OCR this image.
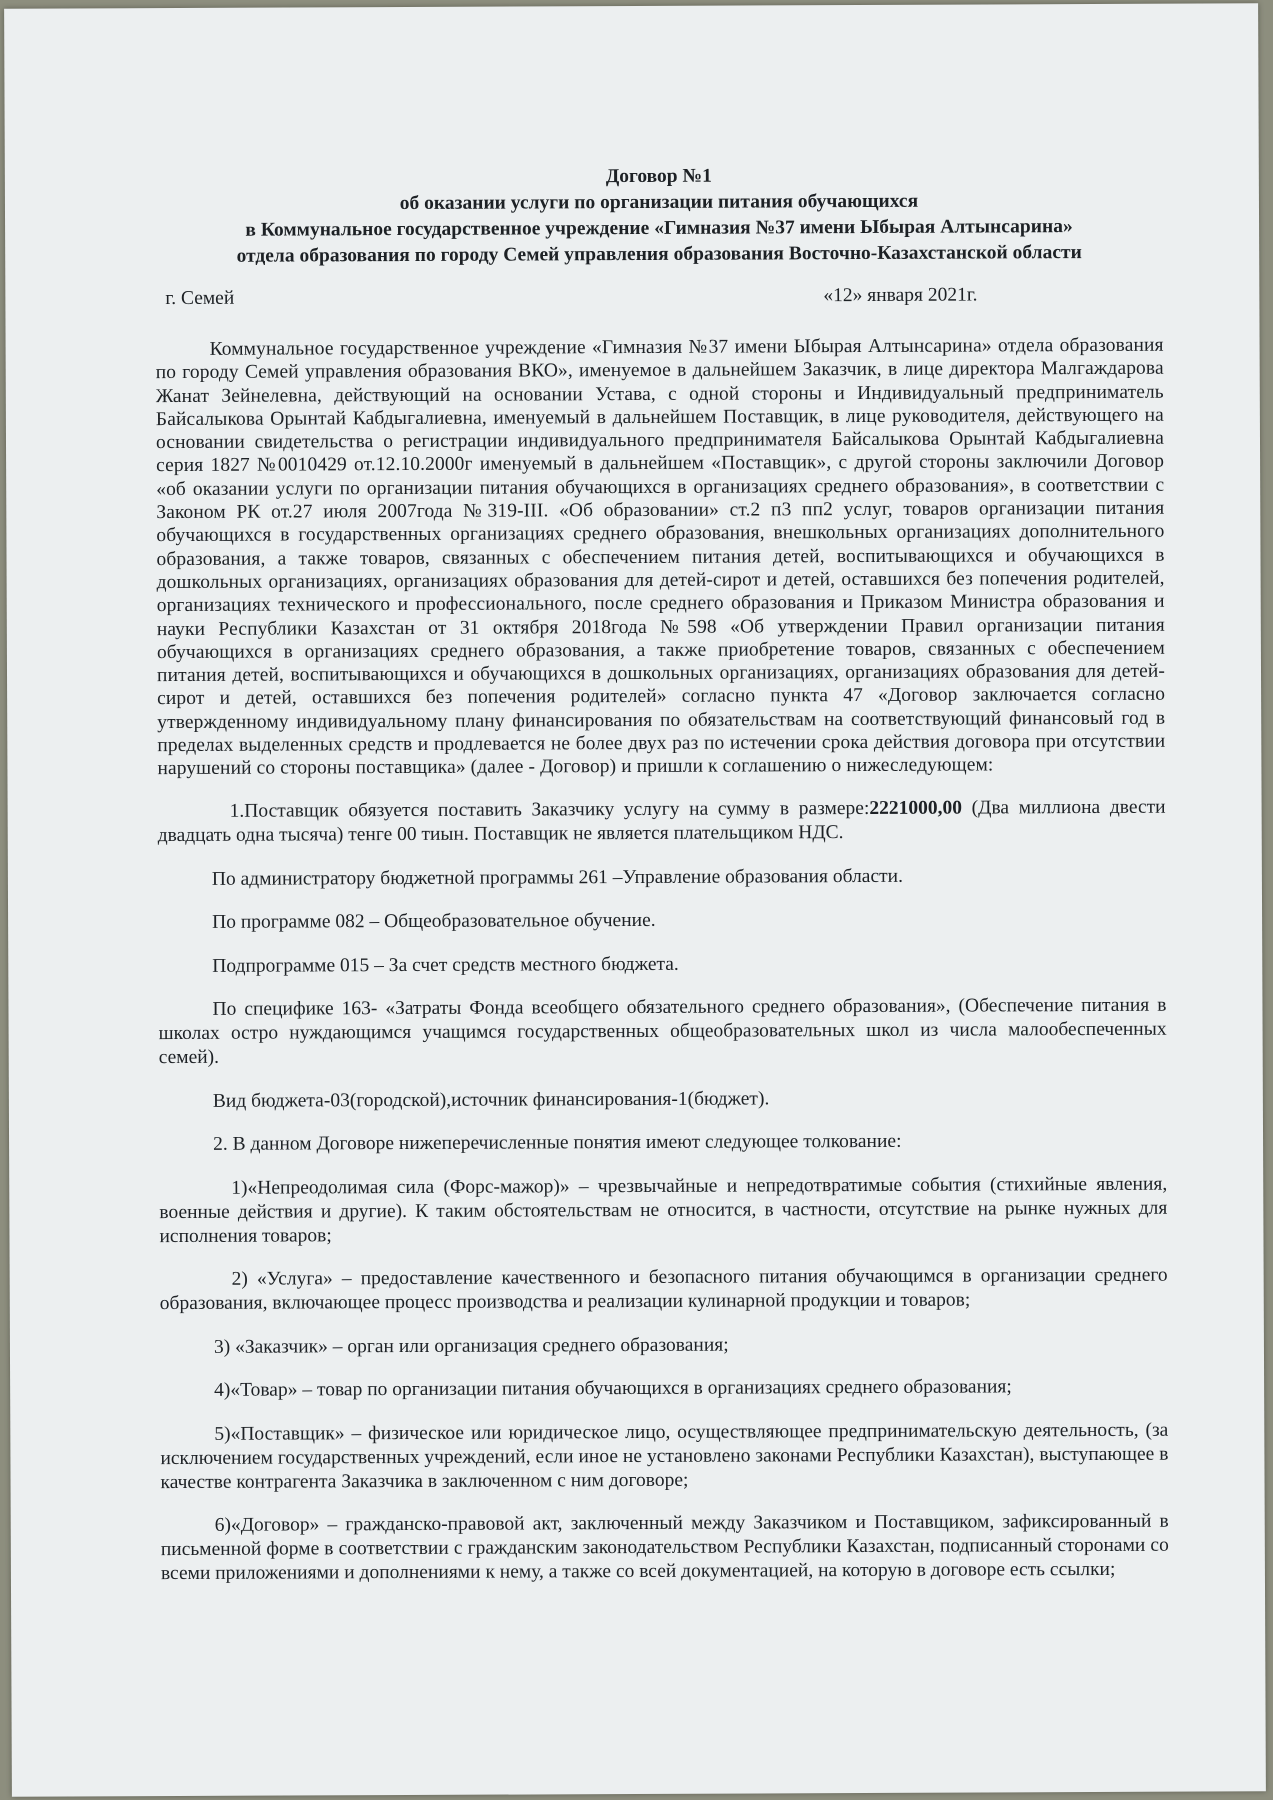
Договор №1
об оказании услуги по организации питания обучающихся
в Коммунальное государственное учреждение «Гимназия №37 имени Ыбырая Алтынсарина»
отдела образования по городу Семей управления образования Восточно-Казахстанской области
г. Семей	«12» января 2021г.

Коммунальное государственное учреждение «Гимназия №37 имени Ыбырая Алтынсарина» отдела образования по городу Семей управления образования ВКО», именуемое в дальнейшем Заказчик, в лице директора Малгаждарова Жанат Зейнелевна, действующий на основании Устава, с одной стороны и Индивидуальный предприниматель Байсалыкова Орынтай Кабдыгалиевна, именуемый в дальнейшем Поставщик, в лице руководителя, действующего на основании свидетельства о регистрации индивидуального предпринимателя Байсалыкова Орынтай Кабдыгалиевна серия 1827 №0010429 от.12.10.2000г именуемый в дальнейшем «Поставщик», с другой стороны заключили Договор «об оказании услуги по организации питания обучающихся в организациях среднего образования», в соответствии с Законом РК от.27 июля 2007года №319-III. «Об образовании» ст.2 п3 пп2 услуг, товаров организации питания обучающихся в государственных организациях среднего образования, внешкольных организациях дополнительного образования, а также товаров, связанных с обеспечением питания детей, воспитывающихся и обучающихся в дошкольных организациях, организациях образования для детей-сирот и детей, оставшихся без попечения родителей, организациях технического и профессионального, после среднего образования и Приказом Министра образования и науки Республики Казахстан от 31 октября 2018года №598 «Об утверждении Правил организации питания обучающихся в организациях среднего образования, а также приобретение товаров, связанных с обеспечением питания детей, воспитывающихся и обучающихся в дошкольных организациях, организациях образования для детей-сирот и детей, оставшихся без попечения родителей» согласно пункта 47 «Договор заключается согласно утвержденному индивидуальному плану финансирования по обязательствам на соответствующий финансовый год в пределах выделенных средств и продлевается не более двух раз по истечении срока действия договора при отсутствии нарушений со стороны поставщика» (далее - Договор) и пришли к соглашению о нижеследующем:

1.Поставщик обязуется поставить Заказчику услугу на сумму в размере:2221000,00 (Два миллиона двести двадцать одна тысяча) тенге 00 тиын. Поставщик не является плательщиком НДС.

По администратору бюджетной программы 261 –Управление образования области.

По программе 082 – Общеобразовательное обучение.

Подпрограмме 015 – За счет средств местного бюджета.

По специфике 163- «Затраты Фонда всеобщего обязательного среднего образования», (Обеспечение питания в школах остро нуждающимся учащимся государственных общеобразовательных школ из числа малообеспеченных семей).

Вид бюджета-03(городской),источник финансирования-1(бюджет).

2. В данном Договоре нижеперечисленные понятия имеют следующее толкование:

1)«Непреодолимая сила (Форс-мажор)» – чрезвычайные и непредотвратимые события (стихийные явления, военные действия и другие). К таким обстоятельствам не относится, в частности, отсутствие на рынке нужных для исполнения товаров;

2) «Услуга» – предоставление качественного и безопасного питания обучающимся в организации среднего образования, включающее процесс производства и реализации кулинарной продукции и товаров;

3) «Заказчик» – орган или организация среднего образования;

4)«Товар» – товар по организации питания обучающихся в организациях среднего образования;

5)«Поставщик» – физическое или юридическое лицо, осуществляющее предпринимательскую деятельность, (за исключением государственных учреждений, если иное не установлено законами Республики Казахстан), выступающее в качестве контрагента Заказчика в заключенном с ним договоре;

6)«Договор» – гражданско-правовой акт, заключенный между Заказчиком и Поставщиком, зафиксированный в письменной форме в соответствии с гражданским законодательством Республики Казахстан, подписанный сторонами со всеми приложениями и дополнениями к нему, а также со всей документацией, на которую в договоре есть ссылки;
